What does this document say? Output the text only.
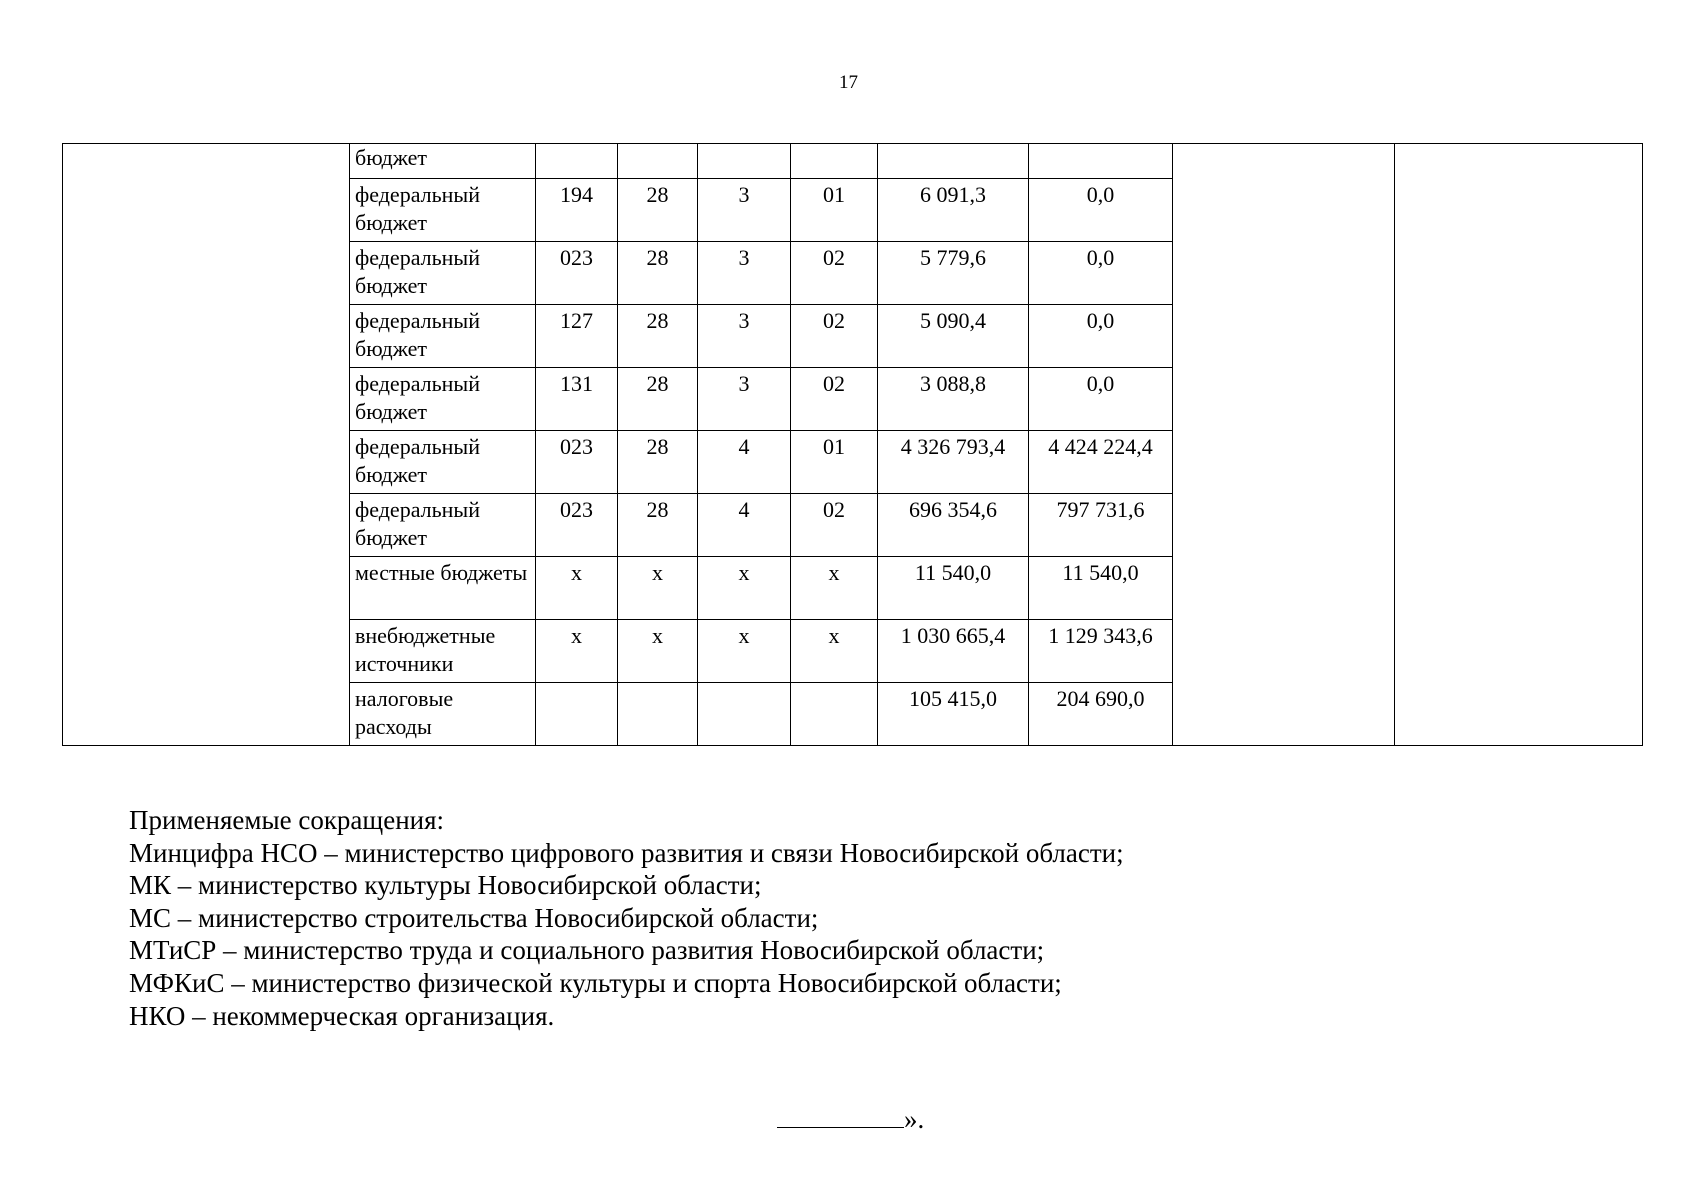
17
	бюджет								
	федеральный бюджет	194	28	3	01	6 091,3	0,0		
	федеральный бюджет	023	28	3	02	5 779,6	0,0		
	федеральный бюджет	127	28	3	02	5 090,4	0,0		
	федеральный бюджет	131	28	3	02	3 088,8	0,0		
	федеральный бюджет	023	28	4	01	4 326 793,4	4 424 224,4		
	федеральный бюджет	023	28	4	02	696 354,6	797 731,6		
	местные бюджеты	х	х	х	х	11 540,0	11 540,0		
	внебюджетные источники	х	х	х	х	1 030 665,4	1 129 343,6		
	налоговые расходы					105 415,0	204 690,0		
Применяемые сокращения:
Минцифра НСО – министерство цифрового развития и связи Новосибирской области;
МК – министерство культуры Новосибирской области;
МС – министерство строительства Новосибирской области;
МТиСР – министерство труда и социального развития Новосибирской области;
МФКиС – министерство физической культуры и спорта Новосибирской области;
НКО – некоммерческая организация.
».
